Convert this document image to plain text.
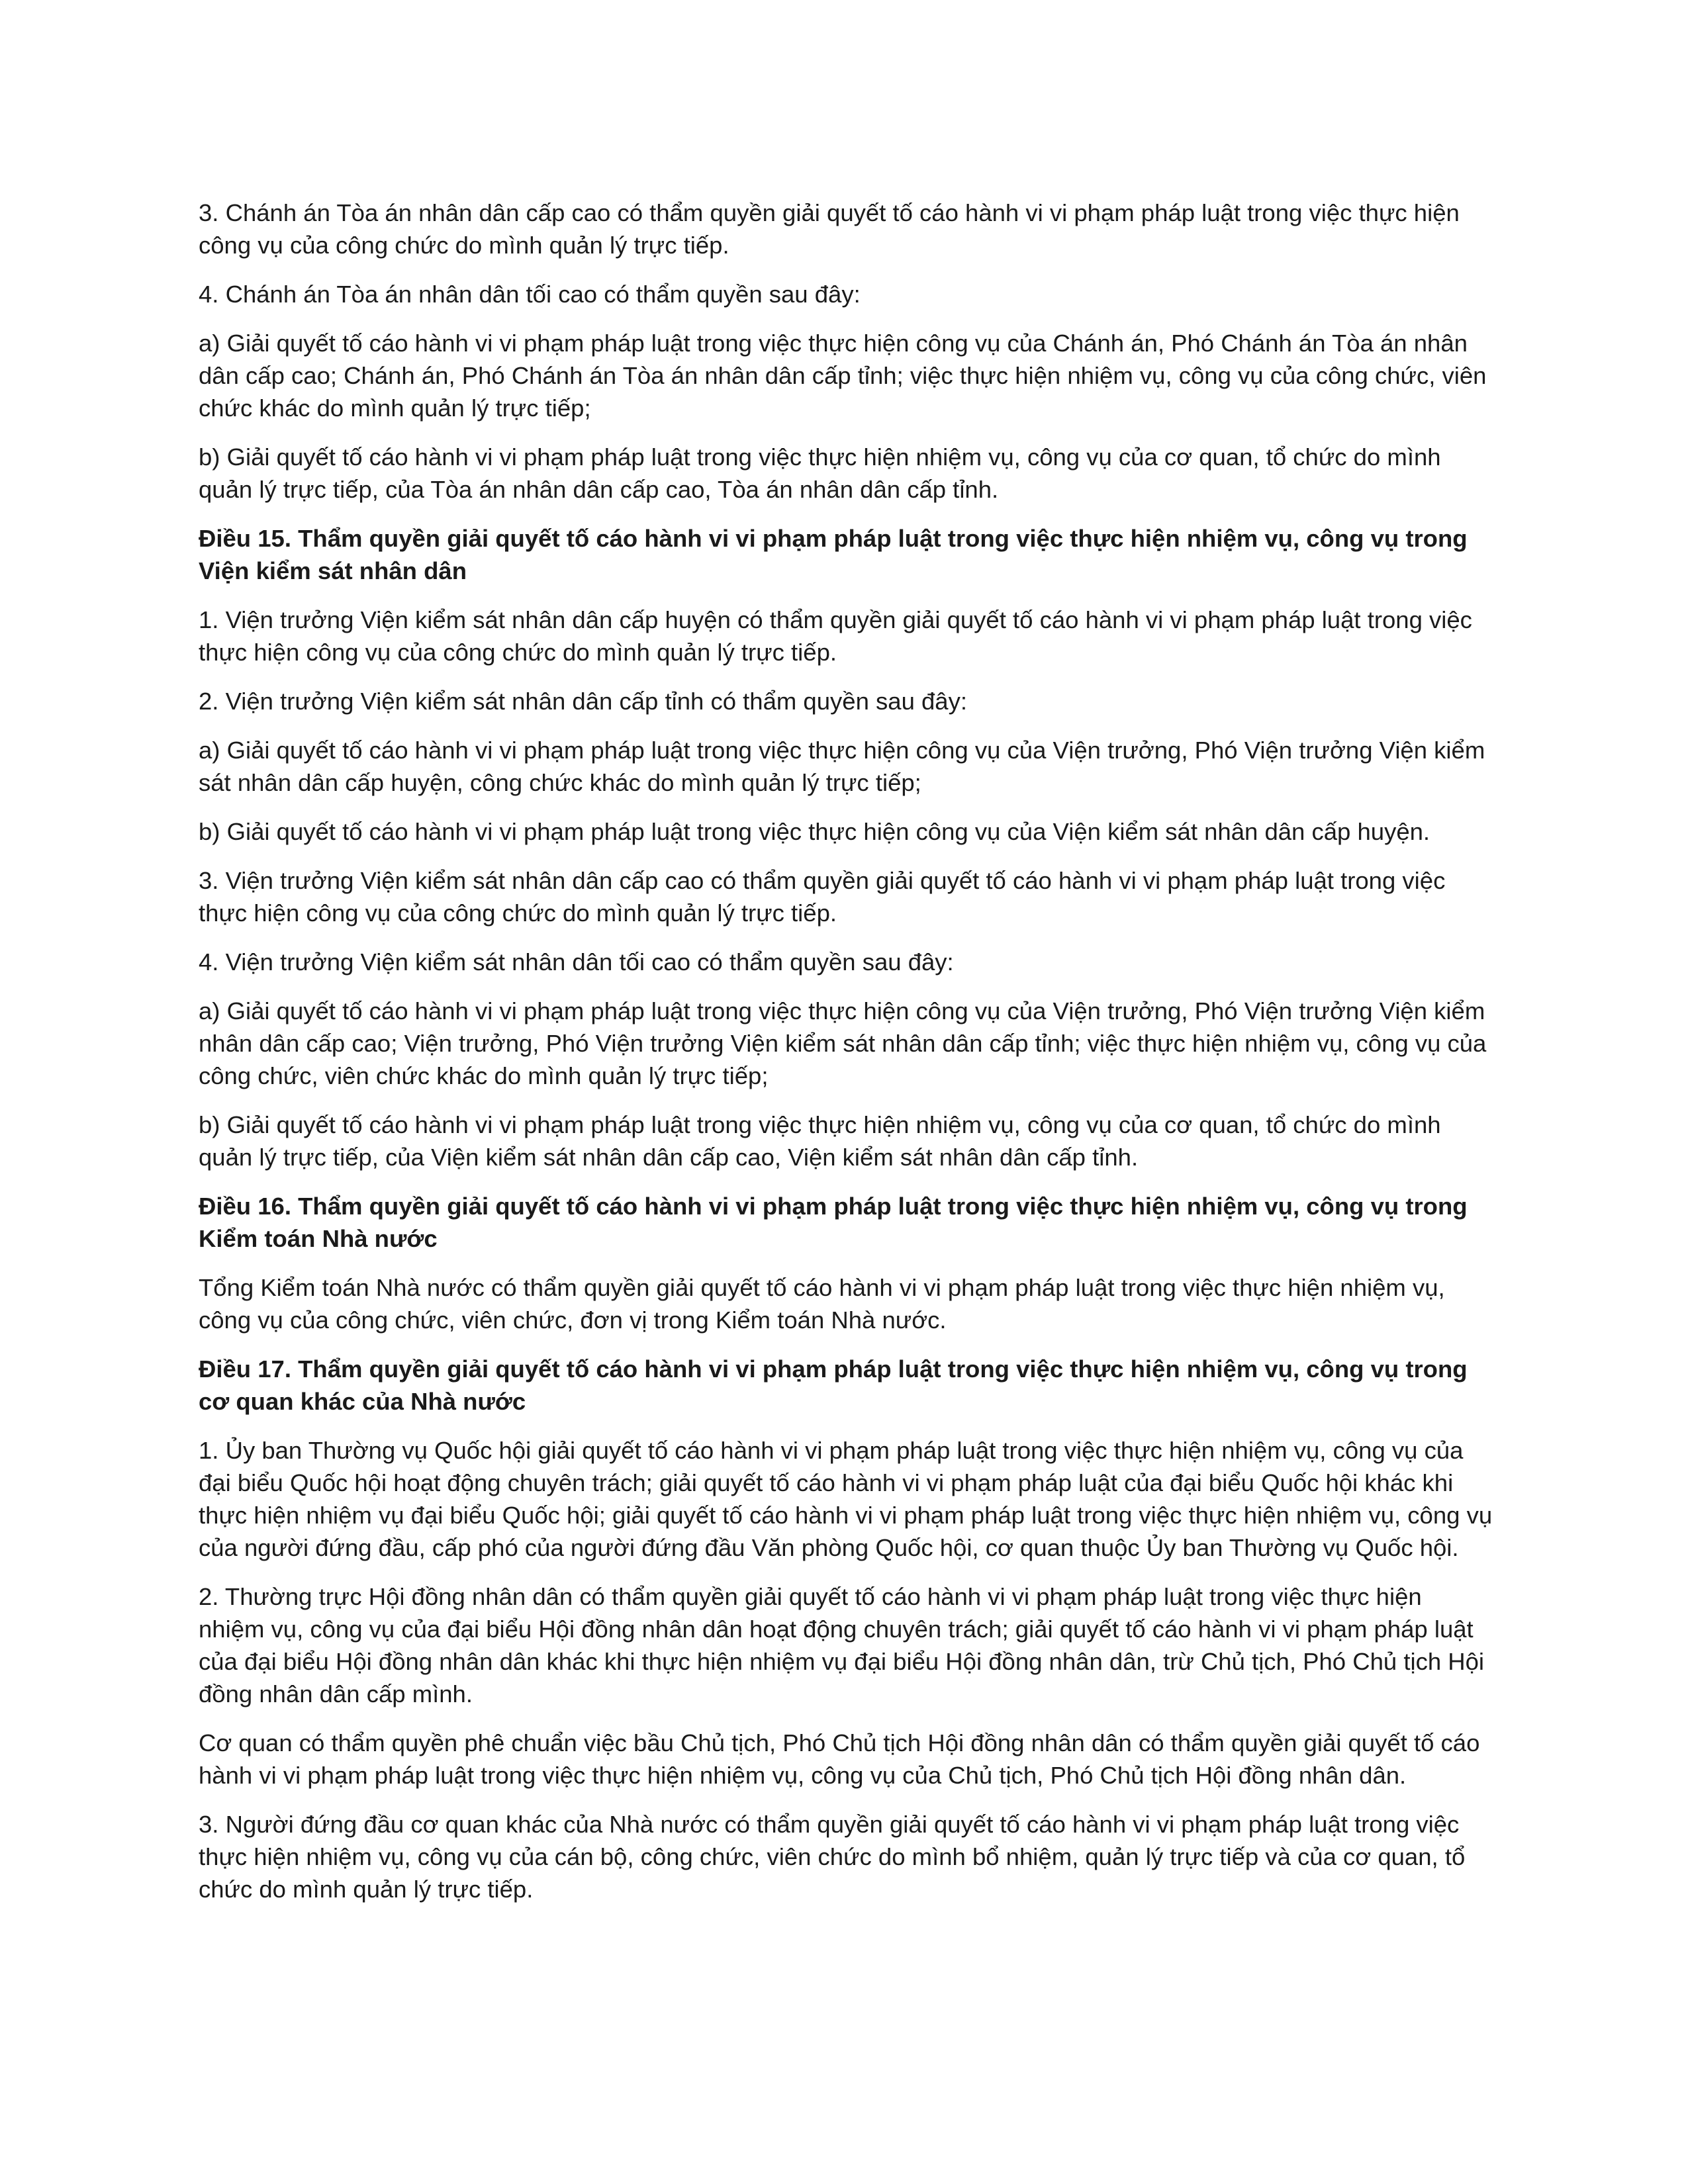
3. Chánh án Tòa án nhân dân cấp cao có thẩm quyền giải quyết tố cáo hành vi vi phạm pháp luật trong việc thực hiện công vụ của công chức do mình quản lý trực tiếp.

4. Chánh án Tòa án nhân dân tối cao có thẩm quyền sau đây:

a) Giải quyết tố cáo hành vi vi phạm pháp luật trong việc thực hiện công vụ của Chánh án, Phó Chánh án Tòa án nhân dân cấp cao; Chánh án, Phó Chánh án Tòa án nhân dân cấp tỉnh; việc thực hiện nhiệm vụ, công vụ của công chức, viên chức khác do mình quản lý trực tiếp;

b) Giải quyết tố cáo hành vi vi phạm pháp luật trong việc thực hiện nhiệm vụ, công vụ của cơ quan, tổ chức do mình quản lý trực tiếp, của Tòa án nhân dân cấp cao, Tòa án nhân dân cấp tỉnh.

Điều 15. Thẩm quyền giải quyết tố cáo hành vi vi phạm pháp luật trong việc thực hiện nhiệm vụ, công vụ trong Viện kiểm sát nhân dân

1. Viện trưởng Viện kiểm sát nhân dân cấp huyện có thẩm quyền giải quyết tố cáo hành vi vi phạm pháp luật trong việc thực hiện công vụ của công chức do mình quản lý trực tiếp.

2. Viện trưởng Viện kiểm sát nhân dân cấp tỉnh có thẩm quyền sau đây:

a) Giải quyết tố cáo hành vi vi phạm pháp luật trong việc thực hiện công vụ của Viện trưởng, Phó Viện trưởng Viện kiểm sát nhân dân cấp huyện, công chức khác do mình quản lý trực tiếp;

b) Giải quyết tố cáo hành vi vi phạm pháp luật trong việc thực hiện công vụ của Viện kiểm sát nhân dân cấp huyện.

3. Viện trưởng Viện kiểm sát nhân dân cấp cao có thẩm quyền giải quyết tố cáo hành vi vi phạm pháp luật trong việc thực hiện công vụ của công chức do mình quản lý trực tiếp.

4. Viện trưởng Viện kiểm sát nhân dân tối cao có thẩm quyền sau đây:

a) Giải quyết tố cáo hành vi vi phạm pháp luật trong việc thực hiện công vụ của Viện trưởng, Phó Viện trưởng Viện kiểm nhân dân cấp cao; Viện trưởng, Phó Viện trưởng Viện kiểm sát nhân dân cấp tỉnh; việc thực hiện nhiệm vụ, công vụ của công chức, viên chức khác do mình quản lý trực tiếp;

b) Giải quyết tố cáo hành vi vi phạm pháp luật trong việc thực hiện nhiệm vụ, công vụ của cơ quan, tổ chức do mình quản lý trực tiếp, của Viện kiểm sát nhân dân cấp cao, Viện kiểm sát nhân dân cấp tỉnh.

Điều 16. Thẩm quyền giải quyết tố cáo hành vi vi phạm pháp luật trong việc thực hiện nhiệm vụ, công vụ trong Kiểm toán Nhà nước

Tổng Kiểm toán Nhà nước có thẩm quyền giải quyết tố cáo hành vi vi phạm pháp luật trong việc thực hiện nhiệm vụ, công vụ của công chức, viên chức, đơn vị trong Kiểm toán Nhà nước.

Điều 17. Thẩm quyền giải quyết tố cáo hành vi vi phạm pháp luật trong việc thực hiện nhiệm vụ, công vụ trong cơ quan khác của Nhà nước

1. Ủy ban Thường vụ Quốc hội giải quyết tố cáo hành vi vi phạm pháp luật trong việc thực hiện nhiệm vụ, công vụ của đại biểu Quốc hội hoạt động chuyên trách; giải quyết tố cáo hành vi vi phạm pháp luật của đại biểu Quốc hội khác khi thực hiện nhiệm vụ đại biểu Quốc hội; giải quyết tố cáo hành vi vi phạm pháp luật trong việc thực hiện nhiệm vụ, công vụ của người đứng đầu, cấp phó của người đứng đầu Văn phòng Quốc hội, cơ quan thuộc Ủy ban Thường vụ Quốc hội.

2. Thường trực Hội đồng nhân dân có thẩm quyền giải quyết tố cáo hành vi vi phạm pháp luật trong việc thực hiện nhiệm vụ, công vụ của đại biểu Hội đồng nhân dân hoạt động chuyên trách; giải quyết tố cáo hành vi vi phạm pháp luật của đại biểu Hội đồng nhân dân khác khi thực hiện nhiệm vụ đại biểu Hội đồng nhân dân, trừ Chủ tịch, Phó Chủ tịch Hội đồng nhân dân cấp mình.

Cơ quan có thẩm quyền phê chuẩn việc bầu Chủ tịch, Phó Chủ tịch Hội đồng nhân dân có thẩm quyền giải quyết tố cáo hành vi vi phạm pháp luật trong việc thực hiện nhiệm vụ, công vụ của Chủ tịch, Phó Chủ tịch Hội đồng nhân dân.

3. Người đứng đầu cơ quan khác của Nhà nước có thẩm quyền giải quyết tố cáo hành vi vi phạm pháp luật trong việc thực hiện nhiệm vụ, công vụ của cán bộ, công chức, viên chức do mình bổ nhiệm, quản lý trực tiếp và của cơ quan, tổ chức do mình quản lý trực tiếp.
